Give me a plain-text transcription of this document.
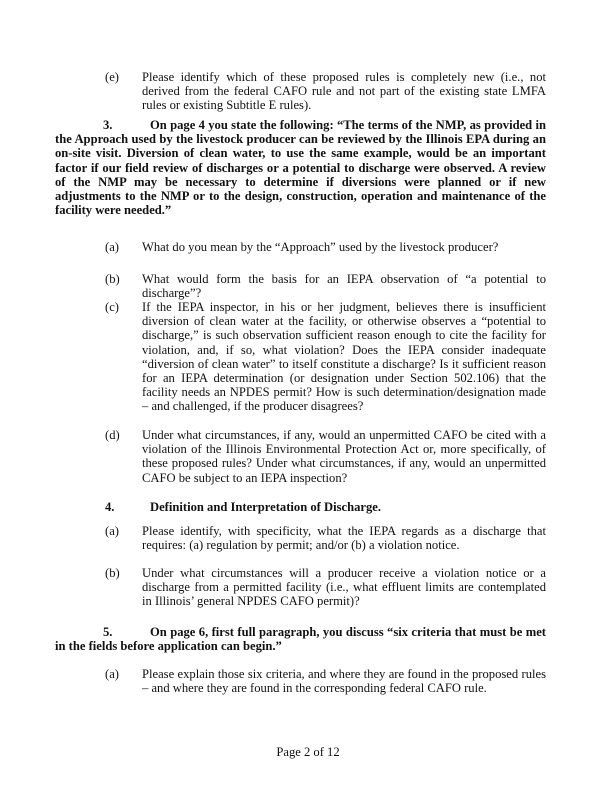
(e) Please identify which of these proposed rules is completely new (i.e., not derived from the federal CAFO rule and not part of the existing state LMFA rules or existing Subtitle E rules).
3.	On page 4 you state the following: “The terms of the NMP, as provided in the Approach used by the livestock producer can be reviewed by the Illinois EPA during an on-site visit. Diversion of clean water, to use the same example, would be an important factor if our field review of discharges or a potential to discharge were observed. A review of the NMP may be necessary to determine if diversions were planned or if new adjustments to the NMP or to the design, construction, operation and maintenance of the facility were needed.”
(a) What do you mean by the “Approach” used by the livestock producer?
(b) What would form the basis for an IEPA observation of “a potential to discharge”?
(c) If the IEPA inspector, in his or her judgment, believes there is insufficient diversion of clean water at the facility, or otherwise observes a “potential to discharge,” is such observation sufficient reason enough to cite the facility for violation, and, if so, what violation? Does the IEPA consider inadequate “diversion of clean water” to itself constitute a discharge? Is it sufficient reason for an IEPA determination (or designation under Section 502.106) that the facility needs an NPDES permit? How is such determination/designation made – and challenged, if the producer disagrees?
(d) Under what circumstances, if any, would an unpermitted CAFO be cited with a violation of the Illinois Environmental Protection Act or, more specifically, of these proposed rules? Under what circumstances, if any, would an unpermitted CAFO be subject to an IEPA inspection?
4.	Definition and Interpretation of Discharge.
(a) Please identify, with specificity, what the IEPA regards as a discharge that requires: (a) regulation by permit; and/or (b) a violation notice.
(b) Under what circumstances will a producer receive a violation notice or a discharge from a permitted facility (i.e., what effluent limits are contemplated in Illinois’ general NPDES CAFO permit)?
5.	On page 6, first full paragraph, you discuss “six criteria that must be met in the fields before application can begin.”
(a) Please explain those six criteria, and where they are found in the proposed rules – and where they are found in the corresponding federal CAFO rule.
Page 2 of 12
